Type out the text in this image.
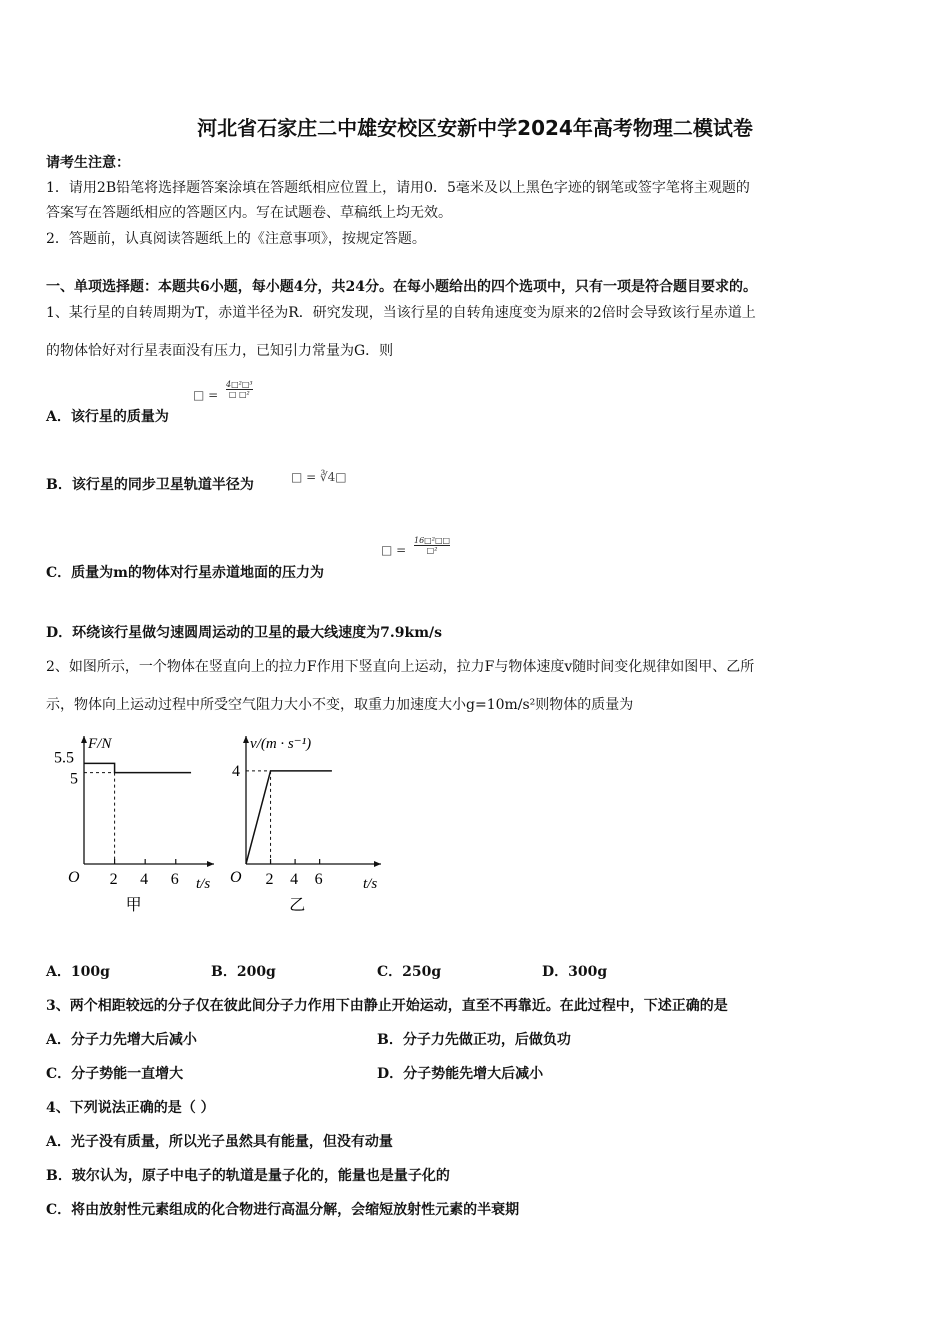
河北省石家庄二中雄安校区安新中学2024年高考物理二模试卷
请考生注意：
1．请用2B铅笔将选择题答案涂填在答题纸相应位置上，请用0．5毫米及以上黑色字迹的钢笔或签字笔将主观题的
答案写在答题纸相应的答题区内。写在试题卷、草稿纸上均无效。
2．答题前，认真阅读答题纸上的《注意事项》，按规定答题。
一、单项选择题：本题共6小题，每小题4分，共24分。在每小题给出的四个选项中，只有一项是符合题目要求的。
1、某行星的自转周期为T，赤道半径为R．研究发现，当该行星的自转角速度变为原来的2倍时会导致该行星赤道上
的物体恰好对行星表面没有压力，已知引力常量为G．则
A．该行星的质量为
□ =
4□²□³
□ □²
B．该行星的同步卫星轨道半径为	□ = ∛4□
C．质量为m的物体对行星赤道地面的压力为
□ =
16□²□□
□²
D．环绕该行星做匀速圆周运动的卫星的最大线速度为7.9km/s
2、如图所示，一个物体在竖直向上的拉力F作用下竖直向上运动，拉力F与物体速度v随时间变化规律如图甲、乙所
示，物体向上运动过程中所受空气阻力大小不变，取重力加速度大小g=10m/s²则物体的质量为
F/N
t/s
O
甲
2 4 6
5.5
5
v/(m · s⁻¹)
t/s
O
乙
2 4 6
4
A．100g	B．200g	C．250g	D．300g
3、两个相距较远的分子仅在彼此间分子力作用下由静止开始运动，直至不再靠近。在此过程中，下述正确的是
A．分子力先增大后减小	B．分子力先做正功，后做负功
C．分子势能一直增大	D．分子势能先增大后减小
4、下列说法正确的是（ ）
A．光子没有质量，所以光子虽然具有能量，但没有动量
B．玻尔认为，原子中电子的轨道是量子化的，能量也是量子化的
C．将由放射性元素组成的化合物进行高温分解，会缩短放射性元素的半衰期
